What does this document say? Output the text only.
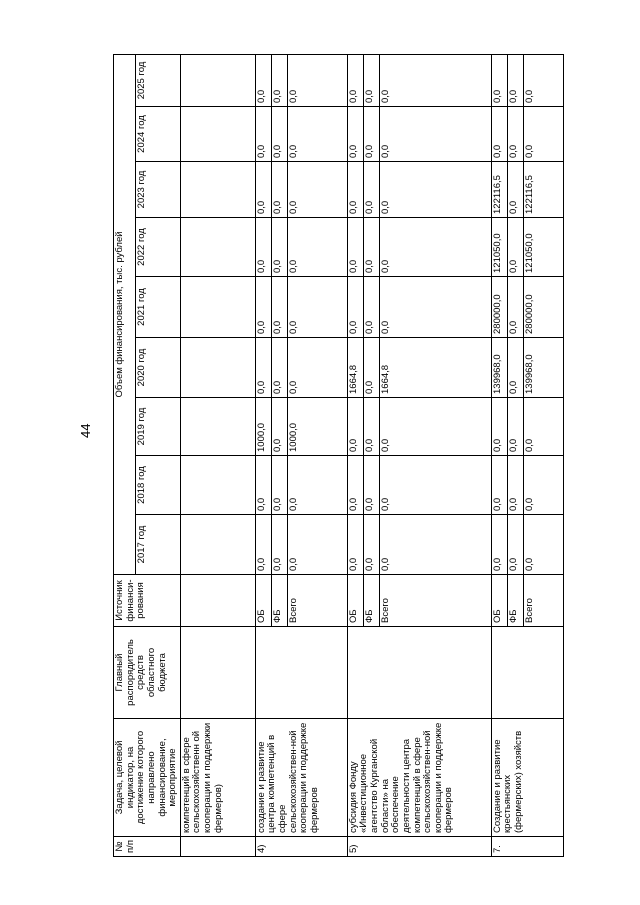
44
№ п/п	Задача, целевой индикатор, на достижение которого направлено финансирование, мероприятие	Главный распорядитель средств областного бюджета	Источник финанси-рования	Объем финансирования, тыс. рублей								
				2017 год	2018 год	2019 год	2020 год	2021 год	2022 год	2023 год	2024 год	2025 год
	компетенций в сфере сельскохозяйственн ой кооперации и поддержки фермеров)											
4)	создание и развитие центра компетенций в сфере сельскохозяйствен-ной кооперации и поддержке фермеров		ОБ	0,0	0,0	1000,0	0,0	0,0	0,0	0,0	0,0	0,0
			ФБ	0,0	0,0	0,0	0,0	0,0	0,0	0,0	0,0	0,0
			Всего	0,0	0,0	1000,0	0,0	0,0	0,0	0,0	0,0	0,0
5)	субсидия Фонду «Инвестиционное агентство Курганской области» на обеспечение деятельности центра компетенций в сфере сельскохозяйствен-ной кооперации и поддержке фермеров		ОБ	0,0	0,0	0,0	1664,8	0,0	0,0	0,0	0,0	0,0
			ФБ	0,0	0,0	0,0	0,0	0,0	0,0	0,0	0,0	0,0
			Всего	0,0	0,0	0,0	1664,8	0,0	0,0	0,0	0,0	0,0
7.	Создание и развитие крестьянских (фермерских) хозяйств		ОБ	0,0	0,0	0,0	139968,0	280000,0	121050,0	122116,5	0,0	0,0
			ФБ	0,0	0,0	0,0	0,0	0,0	0,0	0,0	0,0	0,0
			Всего	0,0	0,0	0,0	139968,0	280000,0	121050,0	122116,5	0,0	0,0
